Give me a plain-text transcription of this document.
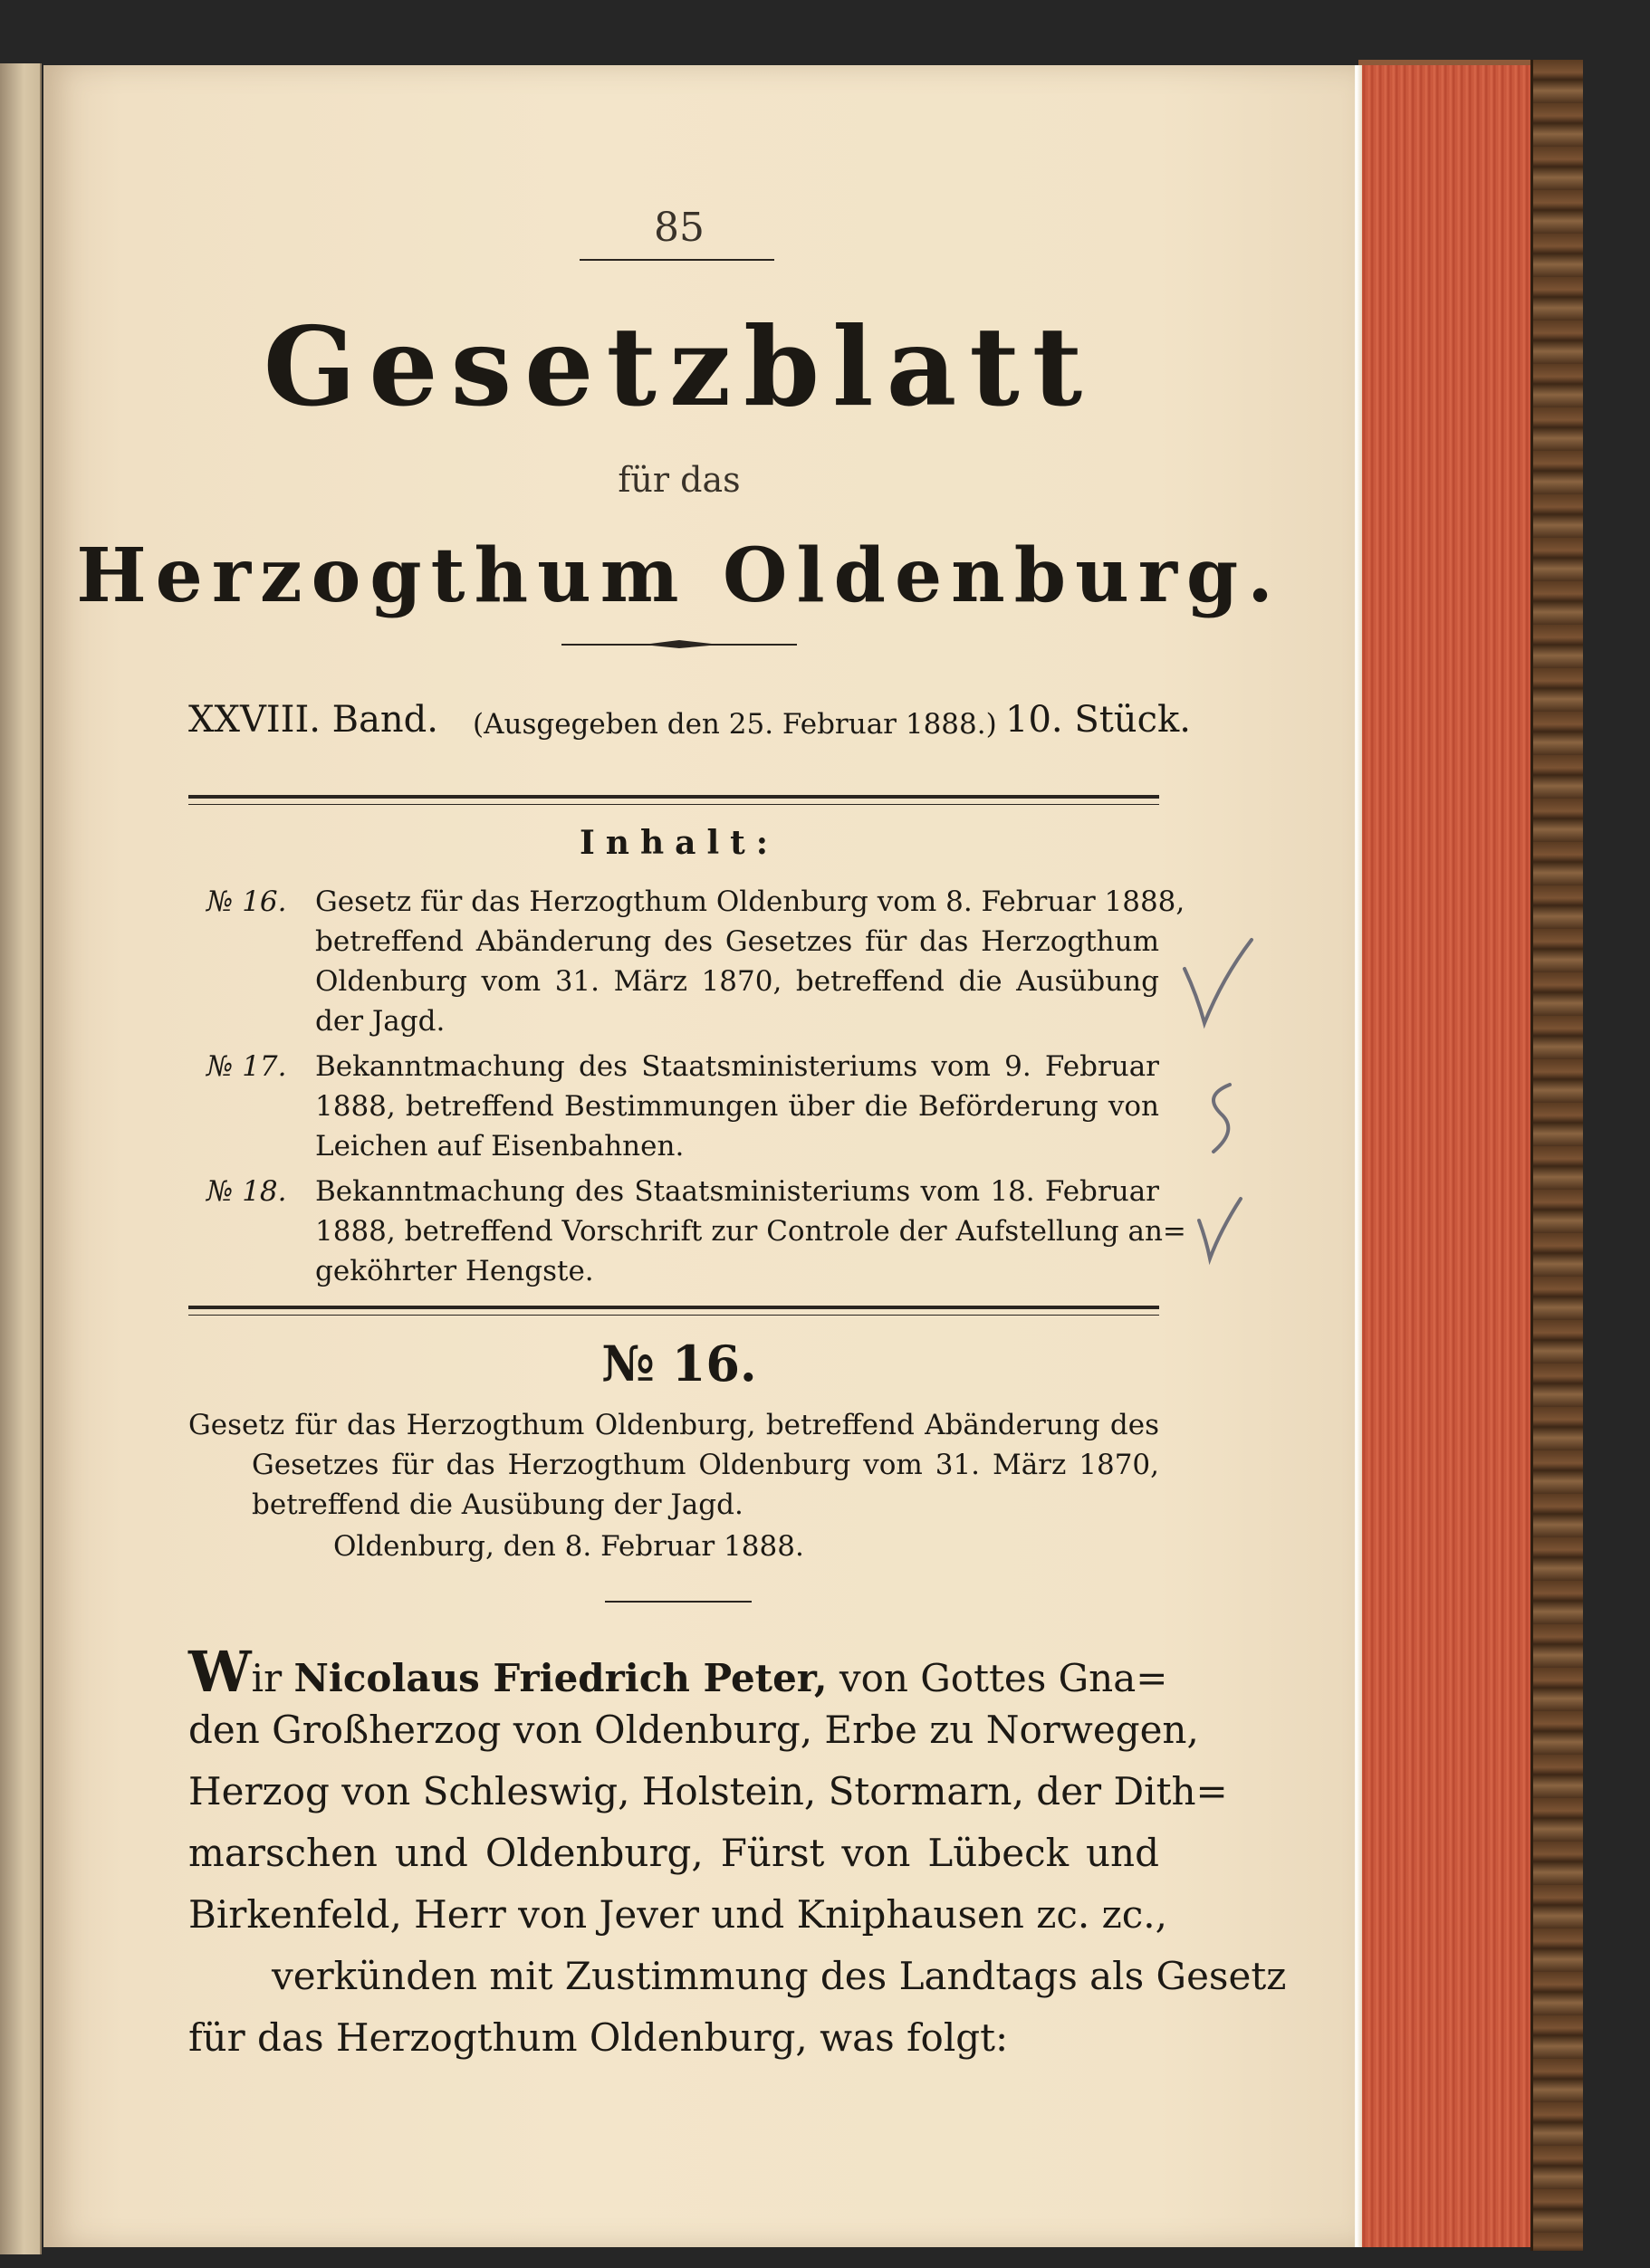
85
Gesetzblatt
für das
Herzogthum Oldenburg.
XXVIII. Band. (Ausgegeben den 25. Februar 1888.) 10. Stück.
Inhalt:
№ 16. Gesetz für das Herzogthum Oldenburg vom 8. Februar 1888,
betreffend Abänderung des Gesetzes für das Herzogthum
Oldenburg vom 31. März 1870, betreffend die Ausübung
der Jagd.
№ 17. Bekanntmachung des Staatsministeriums vom 9. Februar
1888, betreffend Bestimmungen über die Beförderung von
Leichen auf Eisenbahnen.
№ 18. Bekanntmachung des Staatsministeriums vom 18. Februar
1888, betreffend Vorschrift zur Controle der Aufstellung an=
geköhrter Hengste.
№ 16.
Gesetz für das Herzogthum Oldenburg, betreffend Abänderung des
Gesetzes für das Herzogthum Oldenburg vom 31. März 1870,
betreffend die Ausübung der Jagd.
Oldenburg, den 8. Februar 1888.
Wir Nicolaus Friedrich Peter, von Gottes Gna=
den Großherzog von Oldenburg, Erbe zu Norwegen,
Herzog von Schleswig, Holstein, Stormarn, der Dith=
marschen und Oldenburg, Fürst von Lübeck und
Birkenfeld, Herr von Jever und Kniphausen zc. zc.,
verkünden mit Zustimmung des Landtags als Gesetz
für das Herzogthum Oldenburg, was folgt:
